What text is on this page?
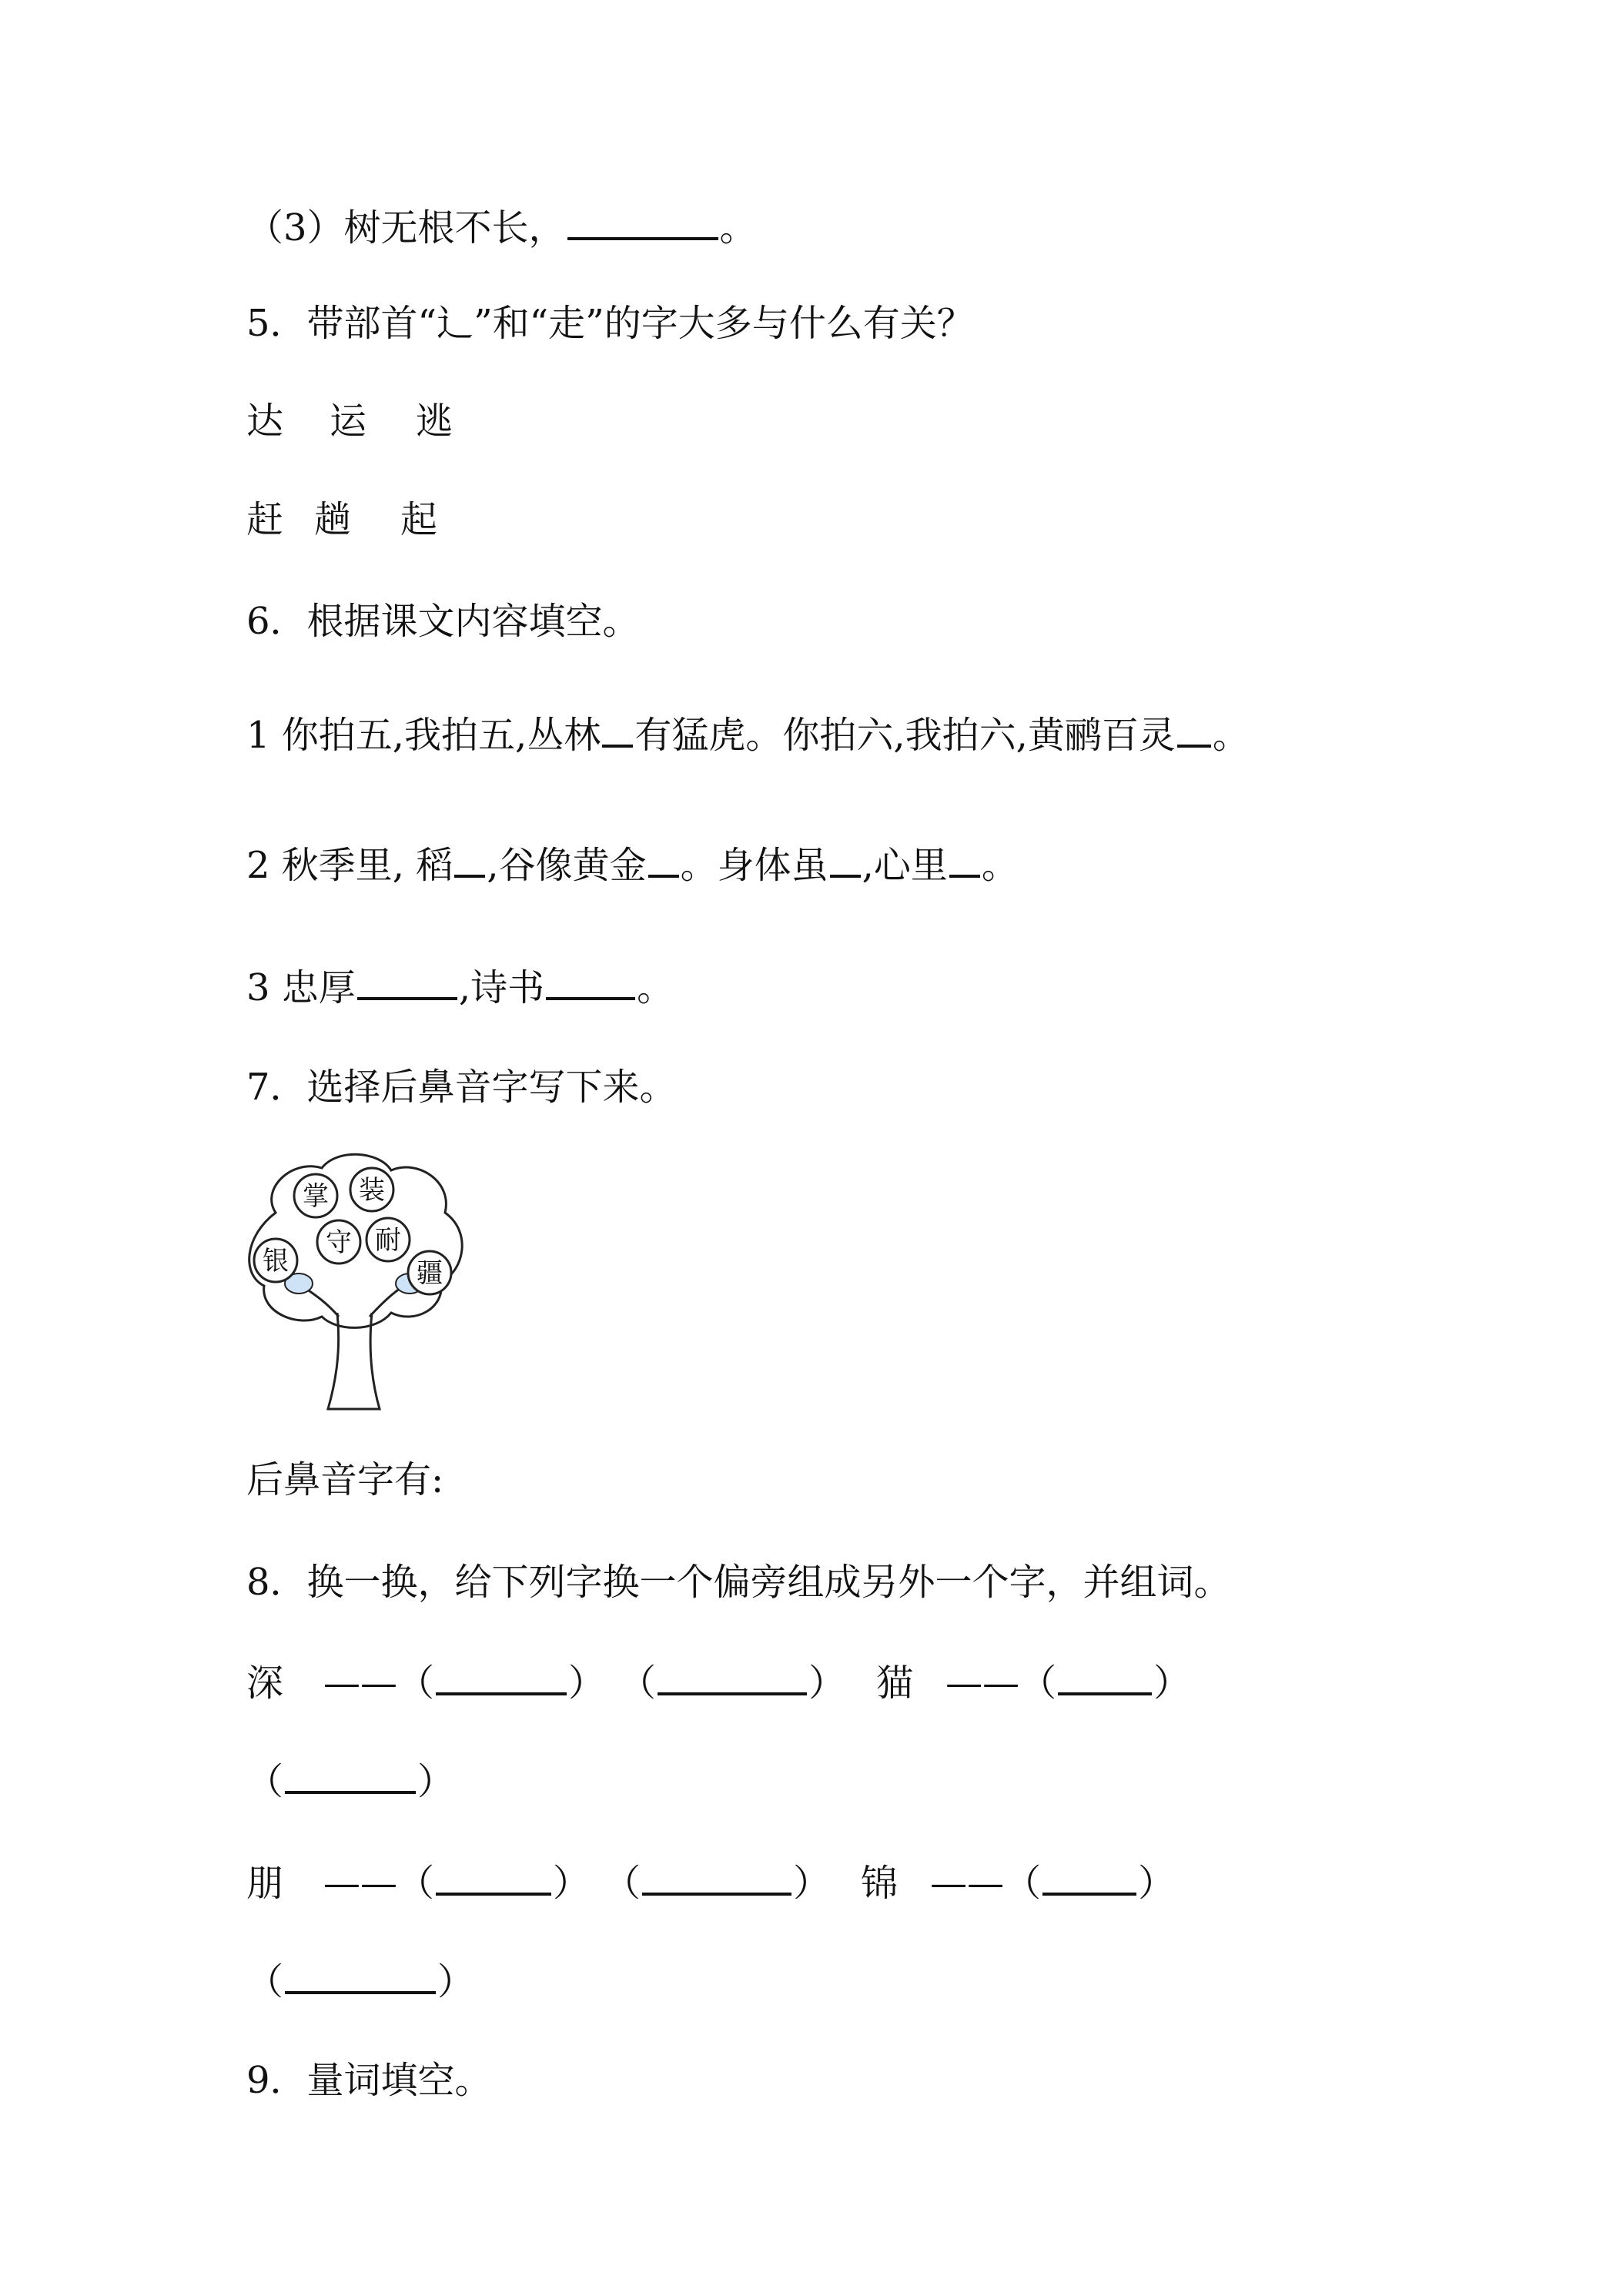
（3）树无根不长，	。
5．带部首“辶”和“走”的字大多与什么有关？
达 运 逃
赶 趟 起
6．根据课文内容填空。
1 你拍五,我拍五,丛林 有猛虎。你拍六,我拍六,黄鹂百灵 。
2 秋季里, 稻 ,谷像黄金 。身体虽 ,心里 。
3 忠厚	,诗书	。
7．选择后鼻音字写下来。
掌 装
守 耐
银	疆
后鼻音字有:
8．换一换，给下列字换一个偏旁组成另外一个字，并组词。
深 ——（	） （	） 猫 ——（	）
（	）
朋 ——（	） （	） 锦 ——（	）
（	）
9．量词填空。
